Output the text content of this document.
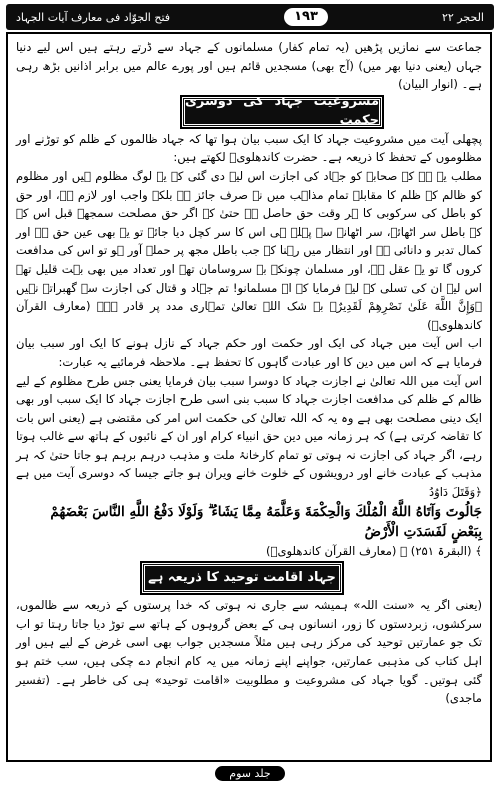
الحجر ۲۲
۱۹۳
فتح الجوّاد فی معارف آیات الجہاد

جماعت سے نمازیں پڑھیں (یہ تمام کفار) مسلمانوں کے جہاد سے ڈرتے رہتے ہیں اس لیے دنیا جہاں (یعنی دنیا بھر میں) (آج بھی) مسجدیں قائم ہیں اور پورے عالم میں برابر اذانیں بڑھ رہی ہے۔ (انوار البیان)

مشروعیت جہاد کی دوسری حکمت

پچھلی آیت میں مشروعیت جہاد کا ایک سبب بیان ہوا تھا کہ جہاد ظالموں کے ظلم کو توڑنے اور مظلوموں کے تحفظ کا ذریعہ ہے۔ حضرت کاندھلویؒ لکھتے ہیں:

مطلب یہ ہے کہ صحابہ کو جہاد کی اجازت اس لیے دی گئی کہ یہ لوگ مظلوم ہیں اور مظلوم کو ظالم کے ظلم کا مقابلہ تمام مذاہب میں نہ صرف جائز ہے بلکہ واجب اور لازم ہے، اور حق کو باطل کی سرکوبی کا ہر وقت حق حاصل ہے حتیٰ کہ اگر حق مصلحت سمجھے قبل اس کے کہ باطل سر اٹھائے، سر اٹھانے سے پہلے ہی اس کا سر کچل دیا جائے تو یہ بھی عین حق ہے اور کمال تدبر و دانائی ہے اور انتظار میں رہنا کہ جب باطل مجھ پر حملہ آور ہو تو اس کی مدافعت کروں گا تو یہ عقل ہے، اور مسلمان چونکہ بے سروسامان تھے اور تعداد میں بھی بہت قلیل تھے اس لیے ان کی تسلی کے لیے فرمایا کہ اے مسلمانو! تم جہاد و قتال کی اجازت سے گھبراتے نہیں ﴿وَإِنَّ اللَّهَ عَلَىٰ نَصْرِهِمْ لَقَدِيرٌ﴾ بے شک اللہ تعالیٰ تمہاری مدد پر قادر ہے۔ (معارف القرآن کاندھلویؒ)

اب اس آیت میں جہاد کی ایک اور حکمت اور حکم جہاد کے نازل ہونے کا ایک اور سبب بیان فرمایا ہے کہ اس میں دین کا اور عبادت گاہوں کا تحفظ ہے۔ ملاحظہ فرمائیے یہ عبارت:

اس آیت میں اللہ تعالیٰ نے اجازت جہاد کا دوسرا سبب بیان فرمایا یعنی جس طرح مظلوم کے لیے ظالم کے ظلم کی مدافعت اجازت جہاد کا سبب بنی اسی طرح اجازت جہاد کا ایک سبب اور بھی ایک دینی مصلحت بھی ہے وہ یہ کہ اللہ تعالیٰ کی حکمت اس امر کی مقتضی ہے (یعنی اس بات کا تقاضہ کرتی ہے) کہ ہر زمانہ میں دین حق انبیاء کرام اور ان کے نائبوں کے ہاتھ سے غالب ہوتا رہے، اگر جہاد کی اجازت نہ ہوتی تو تمام کارخانۂ ملت و مذہب درہم برہم ہو جاتا حتیٰ کہ ہر مذہب کے عبادت خانے اور درویشوں کے خلوت خانے ویران ہو جاتے جیسا کہ دوسری آیت میں ہے ﴿وَقَتَلَ دَاوُدُ

جَالُوتَ وَآتَاهُ اللَّهُ الْمُلْكَ وَالْحِكْمَةَ وَعَلَّمَهُ مِمَّا يَشَاءُ ۗ وَلَوْلَا دَفْعُ اللَّهِ النَّاسَ بَعْضَهُمْ بِبَعْضٍ لَفَسَدَتِ الْأَرْضُ

﴾ (البقرۃ ۲۵۱) ۔ (معارف القرآن کاندھلویؒ)

جہاد اقامت توحید کا ذریعہ ہے

(یعنی اگر یہ «سنت اللہ» ہمیشہ سے جاری نہ ہوتی کہ خدا پرستوں کے ذریعہ سے ظالموں، سرکشوں، زبردستوں کا زور، انسانوں ہی کے بعض گروہوں کے ہاتھ سے توڑ دیا جاتا رہتا تو اب تک جو عمارتیں توحید کی مرکز رہی ہیں مثلاً مسجدیں جواب بھی اسی غرض کے لیے ہیں اور اہل کتاب کی مذہبی عمارتیں، جواپنے اپنے زمانہ میں یہ کام انجام دے چکی ہیں، سب ختم ہو گئی ہوتیں۔ گویا جہاد کی مشروعیت و مطلوبیت «اقامت توحید» ہی کی خاطر ہے۔ (تفسیر ماجدی)

جلد سوم
